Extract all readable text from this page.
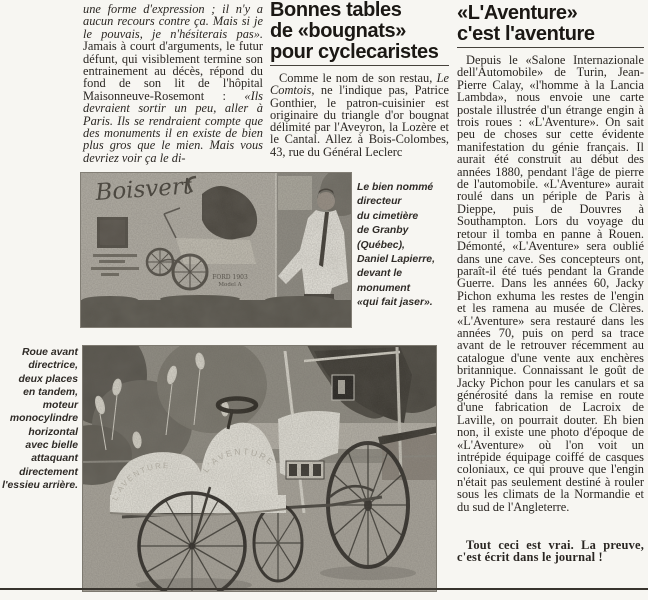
une forme d'expression ; il n'y a aucun recours contre ça. Mais si je le pouvais, je n'hésiterais pas». Jamais à court d'arguments, le futur défunt, qui visiblement termine son entrainement au décès, répond du fond de son lit de l'hôpital Maisonneuve-Rosemont : «Ils devraient sortir un peu, aller à Paris. Ils se rendraient compte que des monuments il en existe de bien plus gros que le mien. Mais vous devriez voir ça le di-

Bonnes tables
de «bougnats»
pour cyclecaristes

Comme le nom de son restau, Le Comtois, ne l'indique pas, Patrice Gonthier, le patron-cuisinier est originaire du triangle d'or bougnat délimité par l'Aveyron, la Lozère et le Cantal. Allez à Bois-Colombes, 43, rue du Général Leclerc

«L'Aventure»
c'est l'aventure

Depuis le «Salone Internazionale dell'Automobile» de Turin, Jean-Pierre Calay, «l'homme à la Lancia Lambda», nous envoie une carte postale illustrée d'un étrange engin à trois roues : «L'Aventure». On sait peu de choses sur cette évidente manifestation du génie français. Il aurait été construit au début des années 1880, pendant l'âge de pierre de l'automobile. «L'Aventure» aurait roulé dans un périple de Paris à Dieppe, puis de Douvres à Southampton. Lors du voyage du retour il tomba en panne à Rouen. Démonté, «L'Aventure» sera oublié dans une cave. Ses concepteurs ont, paraît-il été tués pendant la Grande Guerre. Dans les années 60, Jacky Pichon exhuma les restes de l'engin et les ramena au musée de Clères. «L'Aventure» sera restauré dans les années 70, puis on perd sa trace avant de le retrouver récemment au catalogue d'une vente aux enchères britannique. Connaissant le goût de Jacky Pichon pour les canulars et sa générosité dans la remise en route d'une fabrication de Lacroix de Laville, on pourrait douter. Eh bien non, il existe une photo d'époque de «L'Aventure» où l'on voit un intrépide équipage coiffé de casques coloniaux, ce qui prouve que l'engin n'était pas seulement destiné à rouler sous les climats de la Normandie et du sud de l'Angleterre.

Tout ceci est vrai. La preuve, c'est écrit dans le journal !

Le bien nommé
directeur
du cimetière
de Granby
(Québec),
Daniel Lapierre,
devant le
monument
«qui fait jaser».
Roue avant
directrice,
deux places
en tandem,
moteur
monocylindre
horizontal
avec bielle
attaquant
directement
l'essieu arrière.
